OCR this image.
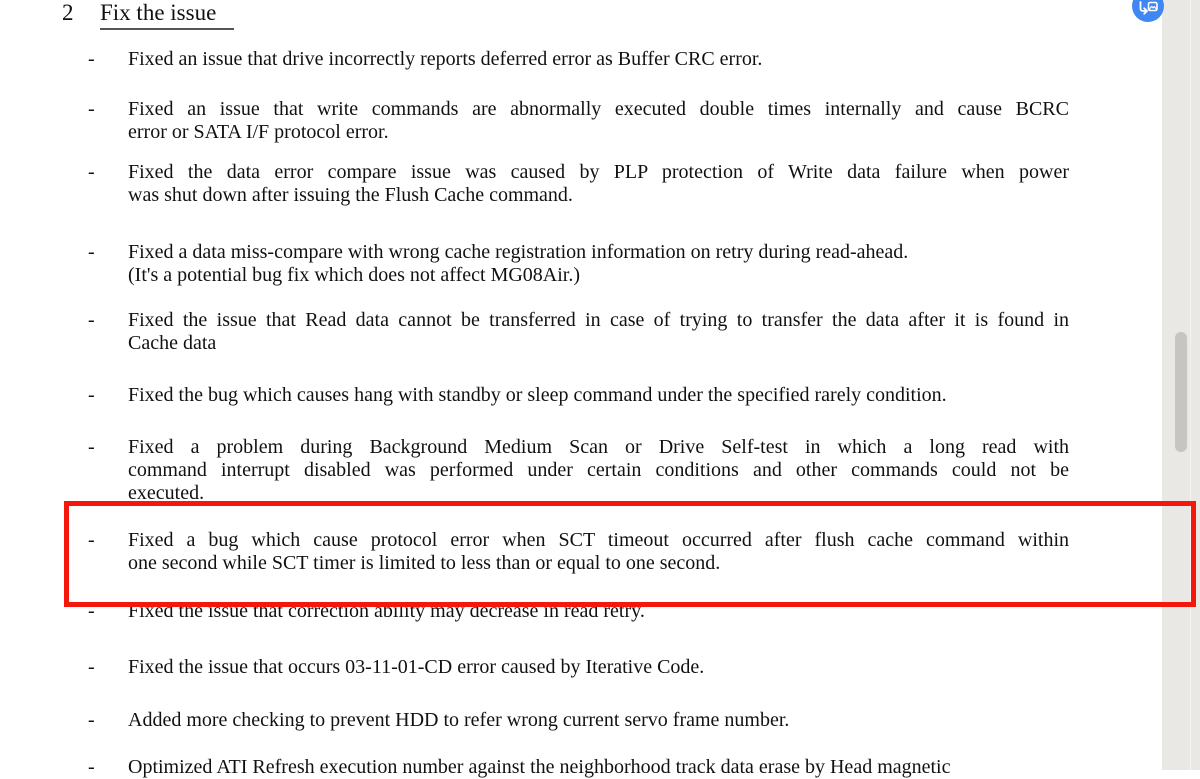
2 Fix the issue
- Fixed an issue that drive incorrectly reports deferred error as Buffer CRC error.
- Fixed an issue that write commands are abnormally executed double times internally and cause BCRC
error or SATA I/F protocol error.
- Fixed the data error compare issue was caused by PLP protection of Write data failure when power
was shut down after issuing the Flush Cache command.
- Fixed a data miss-compare with wrong cache registration information on retry during read-ahead.
(It's a potential bug fix which does not affect MG08Air.)
- Fixed the issue that Read data cannot be transferred in case of trying to transfer the data after it is found in
Cache data
- Fixed the bug which causes hang with standby or sleep command under the specified rarely condition.
- Fixed a problem during Background Medium Scan or Drive Self-test in which a long read with
command interrupt disabled was performed under certain conditions and other commands could not be
executed.
- Fixed a bug which cause protocol error when SCT timeout occurred after flush cache command within
one second while SCT timer is limited to less than or equal to one second.
- Fixed the issue that correction ability may decrease in read retry.
- Fixed the issue that occurs 03-11-01-CD error caused by Iterative Code.
- Added more checking to prevent HDD to refer wrong current servo frame number.
- Optimized ATI Refresh execution number against the neighborhood track data erase by Head magnetic
